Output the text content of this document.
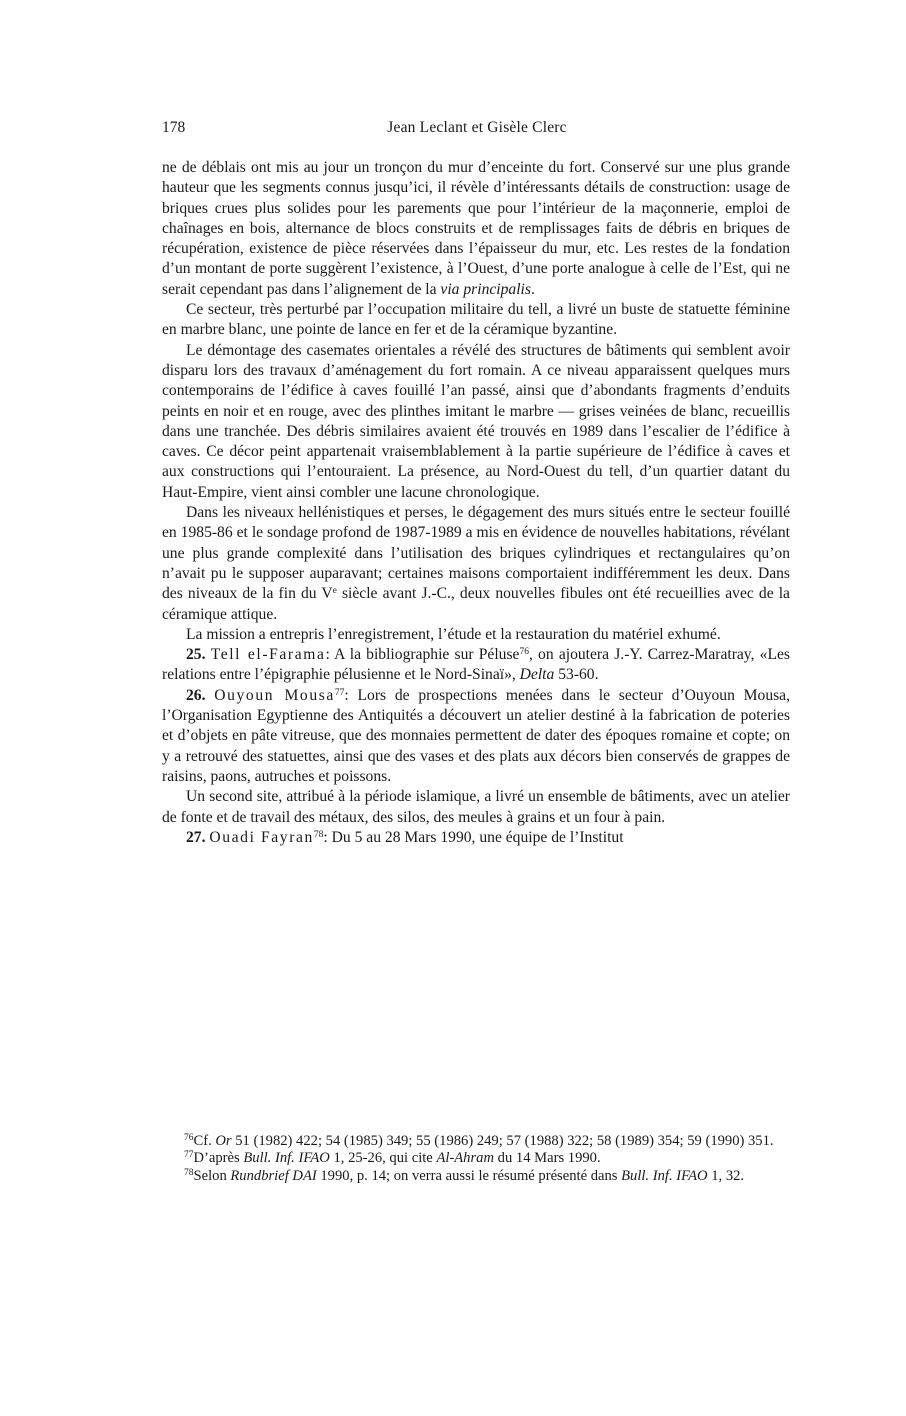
178	Jean Leclant et Gisèle Clerc

ne de déblais ont mis au jour un tronçon du mur d’enceinte du fort. Conservé sur une plus grande hauteur que les segments connus jusqu’ici, il révèle d’intéressants détails de construction: usage de briques crues plus solides pour les parements que pour l’intérieur de la maçonnerie, emploi de chaînages en bois, alternance de blocs construits et de remplissages faits de débris en briques de récupération, existence de pièce réservées dans l’épaisseur du mur, etc. Les restes de la fondation d’un montant de porte suggèrent l’existence, à l’Ouest, d’une porte analogue à celle de l’Est, qui ne serait cependant pas dans l’alignement de la via principalis.

Ce secteur, très perturbé par l’occupation militaire du tell, a livré un buste de statuette féminine en marbre blanc, une pointe de lance en fer et de la céramique byzantine.

Le démontage des casemates orientales a révélé des structures de bâtiments qui semblent avoir disparu lors des travaux d’aménagement du fort romain. A ce niveau apparaissent quelques murs contemporains de l’édifice à caves fouillé l’an passé, ainsi que d’abondants fragments d’enduits peints en noir et en rouge, avec des plinthes imitant le marbre — grises veinées de blanc, recueillis dans une tranchée. Des débris similaires avaient été trouvés en 1989 dans l’escalier de l’édifice à caves. Ce décor peint appartenait vraisemblablement à la partie supérieure de l’édifice à caves et aux constructions qui l’entouraient. La présence, au Nord-Ouest du tell, d’un quartier datant du Haut-Empire, vient ainsi combler une lacune chronologique.

Dans les niveaux hellénistiques et perses, le dégagement des murs situés entre le secteur fouillé en 1985-86 et le sondage profond de 1987-1989 a mis en évidence de nouvelles habitations, révélant une plus grande complexité dans l’utilisation des briques cylindriques et rectangulaires qu’on n’avait pu le supposer auparavant; certaines maisons comportaient indifféremment les deux. Dans des niveaux de la fin du Ve siècle avant J.-C., deux nouvelles fibules ont été recueillies avec de la céramique attique.

La mission a entrepris l’enregistrement, l’étude et la restauration du matériel exhumé.

25. Tell el-Farama: A la bibliographie sur Péluse$^{76}$, on ajoutera J.-Y. Carrez-Maratray, «Les relations entre l’épigraphie pélusienne et le Nord-Sinaï», Delta 53-60.

26. Ouyoun Mousa$^{77}$: Lors de prospections menées dans le secteur d’Ouyoun Mousa, l’Organisation Egyptienne des Antiquités a découvert un atelier destiné à la fabrication de poteries et d’objets en pâte vitreuse, que des monnaies permettent de dater des époques romaine et copte; on y a retrouvé des statuettes, ainsi que des vases et des plats aux décors bien conservés de grappes de raisins, paons, autruches et poissons.

Un second site, attribué à la période islamique, a livré un ensemble de bâtiments, avec un atelier de fonte et de travail des métaux, des silos, des meules à grains et un four à pain.

27. Ouadi Fayran$^{78}$: Du 5 au 28 Mars 1990, une équipe de l’Institut

$^{76}$Cf. Or 51 (1982) 422; 54 (1985) 349; 55 (1986) 249; 57 (1988) 322; 58 (1989) 354; 59 (1990) 351.

$^{77}$D’après Bull. Inf. IFAO 1, 25-26, qui cite Al-Ahram du 14 Mars 1990.

$^{78}$Selon Rundbrief DAI 1990, p. 14; on verra aussi le résumé présenté dans Bull. Inf. IFAO 1, 32.
